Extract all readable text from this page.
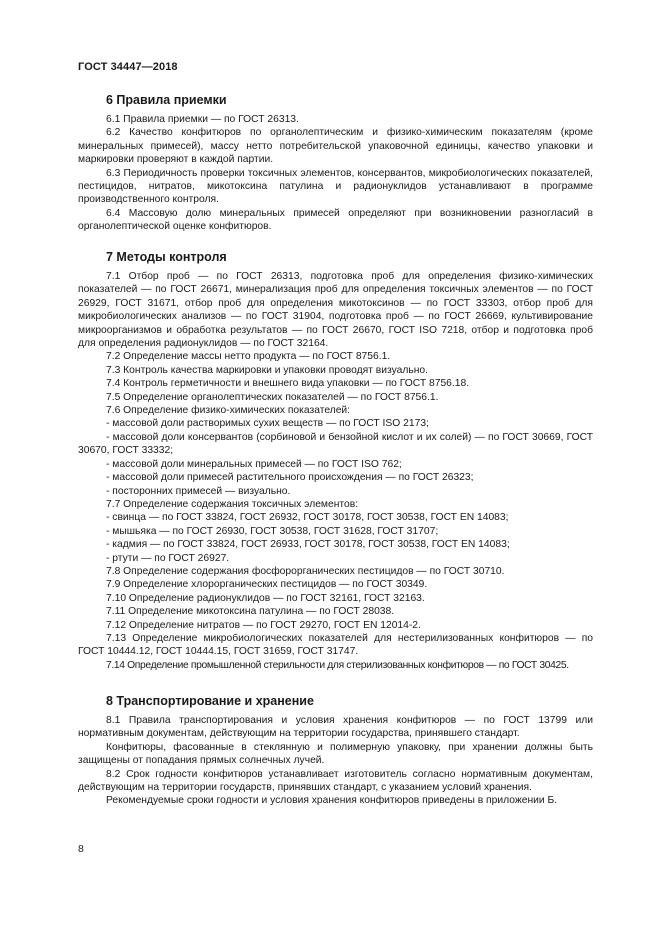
ГОСТ 34447—2018
6 Правила приемки

6.1 Правила приемки — по ГОСТ 26313.

6.2 Качество конфитюров по органолептическим и физико-химическим показателям (кроме минеральных примесей), массу нетто потребительской упаковочной единицы, качество упаковки и маркировки проверяют в каждой партии.

6.3 Периодичность проверки токсичных элементов, консервантов, микробиологических показателей, пестицидов, нитратов, микотоксина патулина и радионуклидов устанавливают в программе производственного контроля.

6.4 Массовую долю минеральных примесей определяют при возникновении разногласий в органолептической оценке конфитюров.

7 Методы контроля

7.1 Отбор проб — по ГОСТ 26313, подготовка проб для определения физико-химических показателей — по ГОСТ 26671, минерализация проб для определения токсичных элементов — по ГОСТ 26929, ГОСТ 31671, отбор проб для определения микотоксинов — по ГОСТ 33303, отбор проб для микробиологических анализов — по ГОСТ 31904, подготовка проб — по ГОСТ 26669, культивирование микроорганизмов и обработка результатов — по ГОСТ 26670, ГОСТ ISO 7218, отбор и подготовка проб для определения радионуклидов — по ГОСТ 32164.

7.2 Определение массы нетто продукта — по ГОСТ 8756.1.

7.3 Контроль качества маркировки и упаковки проводят визуально.

7.4 Контроль герметичности и внешнего вида упаковки — по ГОСТ 8756.18.

7.5 Определение органолептических показателей — по ГОСТ 8756.1.

7.6 Определение физико-химических показателей:

- массовой доли растворимых сухих веществ — по ГОСТ ISO 2173;

- массовой доли консервантов (сорбиновой и бензойной кислот и их солей) — по ГОСТ 30669, ГОСТ 30670, ГОСТ 33332;

- массовой доли минеральных примесей — по ГОСТ ISO 762;

- массовой доли примесей растительного происхождения — по ГОСТ 26323;

- посторонних примесей — визуально.

7.7 Определение содержания токсичных элементов:

- свинца — по ГОСТ 33824, ГОСТ 26932, ГОСТ 30178, ГОСТ 30538, ГОСТ EN 14083;

- мышьяка — по ГОСТ 26930, ГОСТ 30538, ГОСТ 31628, ГОСТ 31707;

- кадмия — по ГОСТ 33824, ГОСТ 26933, ГОСТ 30178, ГОСТ 30538, ГОСТ EN 14083;

- ртути — по ГОСТ 26927.

7.8 Определение содержания фосфорорганических пестицидов — по ГОСТ 30710.

7.9 Определение хлорорганических пестицидов — по ГОСТ 30349.

7.10 Определение радионуклидов — по ГОСТ 32161, ГОСТ 32163.

7.11 Определение микотоксина патулина — по ГОСТ 28038.

7.12 Определение нитратов — по ГОСТ 29270, ГОСТ EN 12014-2.

7.13 Определение микробиологических показателей для нестерилизованных конфитюров — по ГОСТ 10444.12, ГОСТ 10444.15, ГОСТ 31659, ГОСТ 31747.

7.14 Определение промышленной стерильности для стерилизованных конфитюров — по ГОСТ 30425.

8 Транспортирование и хранение

8.1 Правила транспортирования и условия хранения конфитюров — по ГОСТ 13799 или нормативным документам, действующим на территории государства, принявшего стандарт.

Конфитюры, фасованные в стеклянную и полимерную упаковку, при хранении должны быть защищены от попадания прямых солнечных лучей.

8.2 Срок годности конфитюров устанавливает изготовитель согласно нормативным документам, действующим на территории государств, принявших стандарт, с указанием условий хранения.

Рекомендуемые сроки годности и условия хранения конфитюров приведены в приложении Б.

8
